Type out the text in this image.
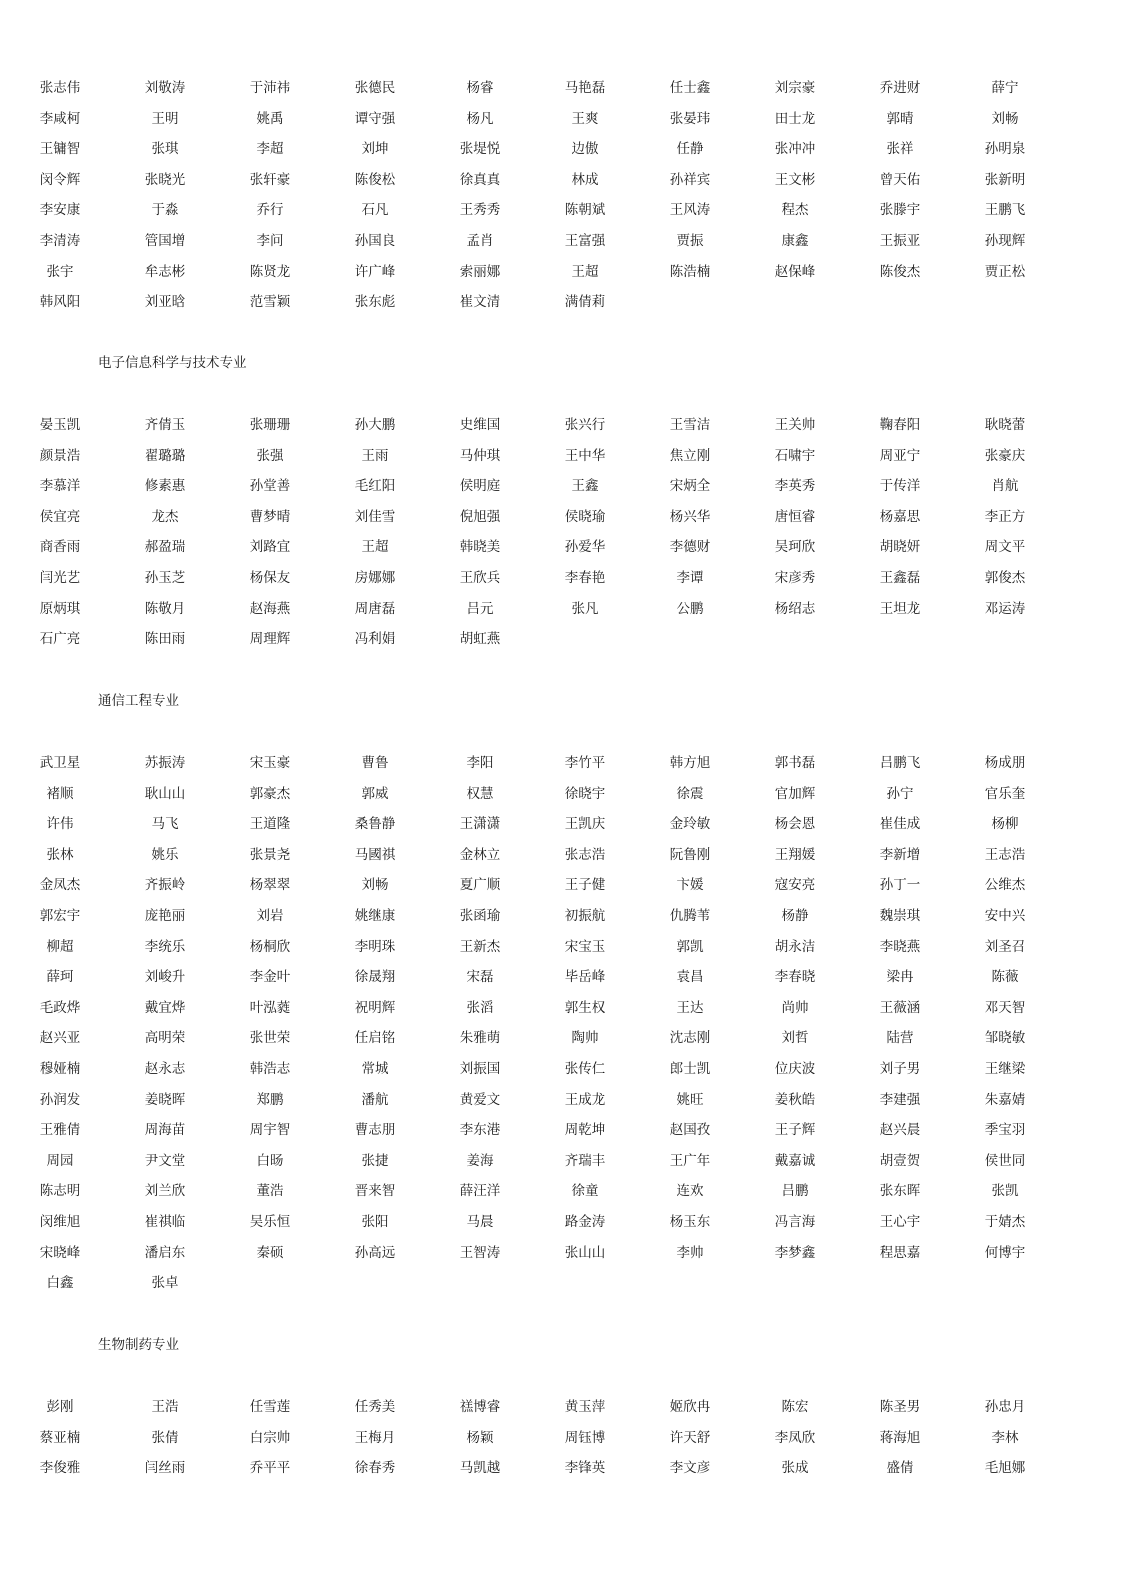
张志伟	刘敬涛	于沛祎	张德民	杨睿	马艳磊	任士鑫	刘宗豪	乔进财	薛宁
李咸柯	王明	姚禹	谭守强	杨凡	王爽	张晏玮	田士龙	郭晴	刘畅
王镛智	张琪	李超	刘坤	张堤悦	边傲	任静	张冲冲	张祥	孙明泉
闵令辉	张晓光	张轩豪	陈俊松	徐真真	林成	孙祥宾	王文彬	曾天佑	张新明
李安康	于淼	乔行	石凡	王秀秀	陈朝斌	王风涛	程杰	张滕宇	王鹏飞
李清涛	管国增	李问	孙国良	孟肖	王富强	贾振	康鑫	王振亚	孙现辉
张宇	牟志彬	陈贤龙	许广峰	索丽娜	王超	陈浩楠	赵保峰	陈俊杰	贾正松
韩风阳	刘亚晗	范雪颖	张东彪	崔文清	满倩莉
电子信息科学与技术专业
晏玉凯	齐倩玉	张珊珊	孙大鹏	史维国	张兴行	王雪洁	王关帅	鞠春阳	耿晓蕾
颜景浩	翟璐璐	张强	王雨	马仲琪	王中华	焦立刚	石啸宇	周亚宁	张豪庆
李慕洋	修素惠	孙堂善	毛红阳	侯明庭	王鑫	宋炳全	李英秀	于传洋	肖航
侯宜亮	龙杰	曹梦晴	刘佳雪	倪旭强	侯晓瑜	杨兴华	唐恒睿	杨嘉思	李正方
商香雨	郝盈瑞	刘路宜	王超	韩晓美	孙爱华	李德财	吴珂欣	胡晓妍	周文平
闫光艺	孙玉芝	杨保友	房娜娜	王欣兵	李春艳	李谭	宋彦秀	王鑫磊	郭俊杰
原炳琪	陈敬月	赵海燕	周唐磊	吕元	张凡	公鹏	杨绍志	王坦龙	邓运涛
石广亮	陈田雨	周理辉	冯利娟	胡虹燕
通信工程专业
武卫星	苏振涛	宋玉豪	曹鲁	李阳	李竹平	韩方旭	郭书磊	吕鹏飞	杨成朋
褚顺	耿山山	郭豪杰	郭威	权慧	徐晓宇	徐震	官加辉	孙宁	官乐奎
许伟	马飞	王道隆	桑鲁静	王潇潇	王凯庆	金玲敏	杨会恩	崔佳成	杨柳
张林	姚乐	张景尧	马國祺	金林立	张志浩	阮鲁刚	王翔媛	李新增	王志浩
金凤杰	齐振岭	杨翠翠	刘畅	夏广顺	王子健	卞媛	寇安亮	孙丁一	公维杰
郭宏宇	庞艳丽	刘岩	姚继康	张函瑜	初振航	仇腾苇	杨静	魏崇琪	安中兴
柳超	李统乐	杨桐欣	李明珠	王新杰	宋宝玉	郭凯	胡永洁	李晓燕	刘圣召
薛珂	刘峻升	李金叶	徐晟翔	宋磊	毕岳峰	袁昌	李春晓	梁冉	陈薇
毛政烨	戴宜烨	叶泓蕤	祝明辉	张滔	郭生权	王达	尚帅	王薇涵	邓天智
赵兴亚	高明荣	张世荣	任启铭	朱雅萌	陶帅	沈志刚	刘哲	陆营	邹晓敏
穆娅楠	赵永志	韩浩志	常城	刘振国	张传仁	郎士凯	位庆波	刘子男	王继梁
孙润发	姜晓晖	郑鹏	潘航	黄爱文	王成龙	姚旺	姜秋皓	李建强	朱嘉婧
王雅倩	周海苗	周宇智	曹志朋	李东港	周乾坤	赵国孜	王子辉	赵兴晨	季宝羽
周园	尹文堂	白旸	张捷	姜海	齐瑞丰	王广年	戴嘉诚	胡壹贺	侯世同
陈志明	刘兰欣	董浩	晋来智	薛汪洋	徐童	连欢	吕鹏	张东晖	张凯
闵维旭	崔祺临	吴乐恒	张阳	马晨	路金涛	杨玉东	冯言海	王心宇	于婧杰
宋晓峰	潘启东	秦硕	孙高远	王智涛	张山山	李帅	李梦鑫	程思嘉	何博宇
白鑫	张卓
生物制药专业
彭刚	王浩	任雪莲	任秀美	禚博睿	黄玉萍	姬欣冉	陈宏	陈圣男	孙忠月
蔡亚楠	张倩	白宗帅	王梅月	杨颖	周钰博	许天舒	李凤欣	蒋海旭	李林
李俊雅	闫丝雨	乔平平	徐春秀	马凯越	李锋英	李文彦	张成	盛倩	毛旭娜
